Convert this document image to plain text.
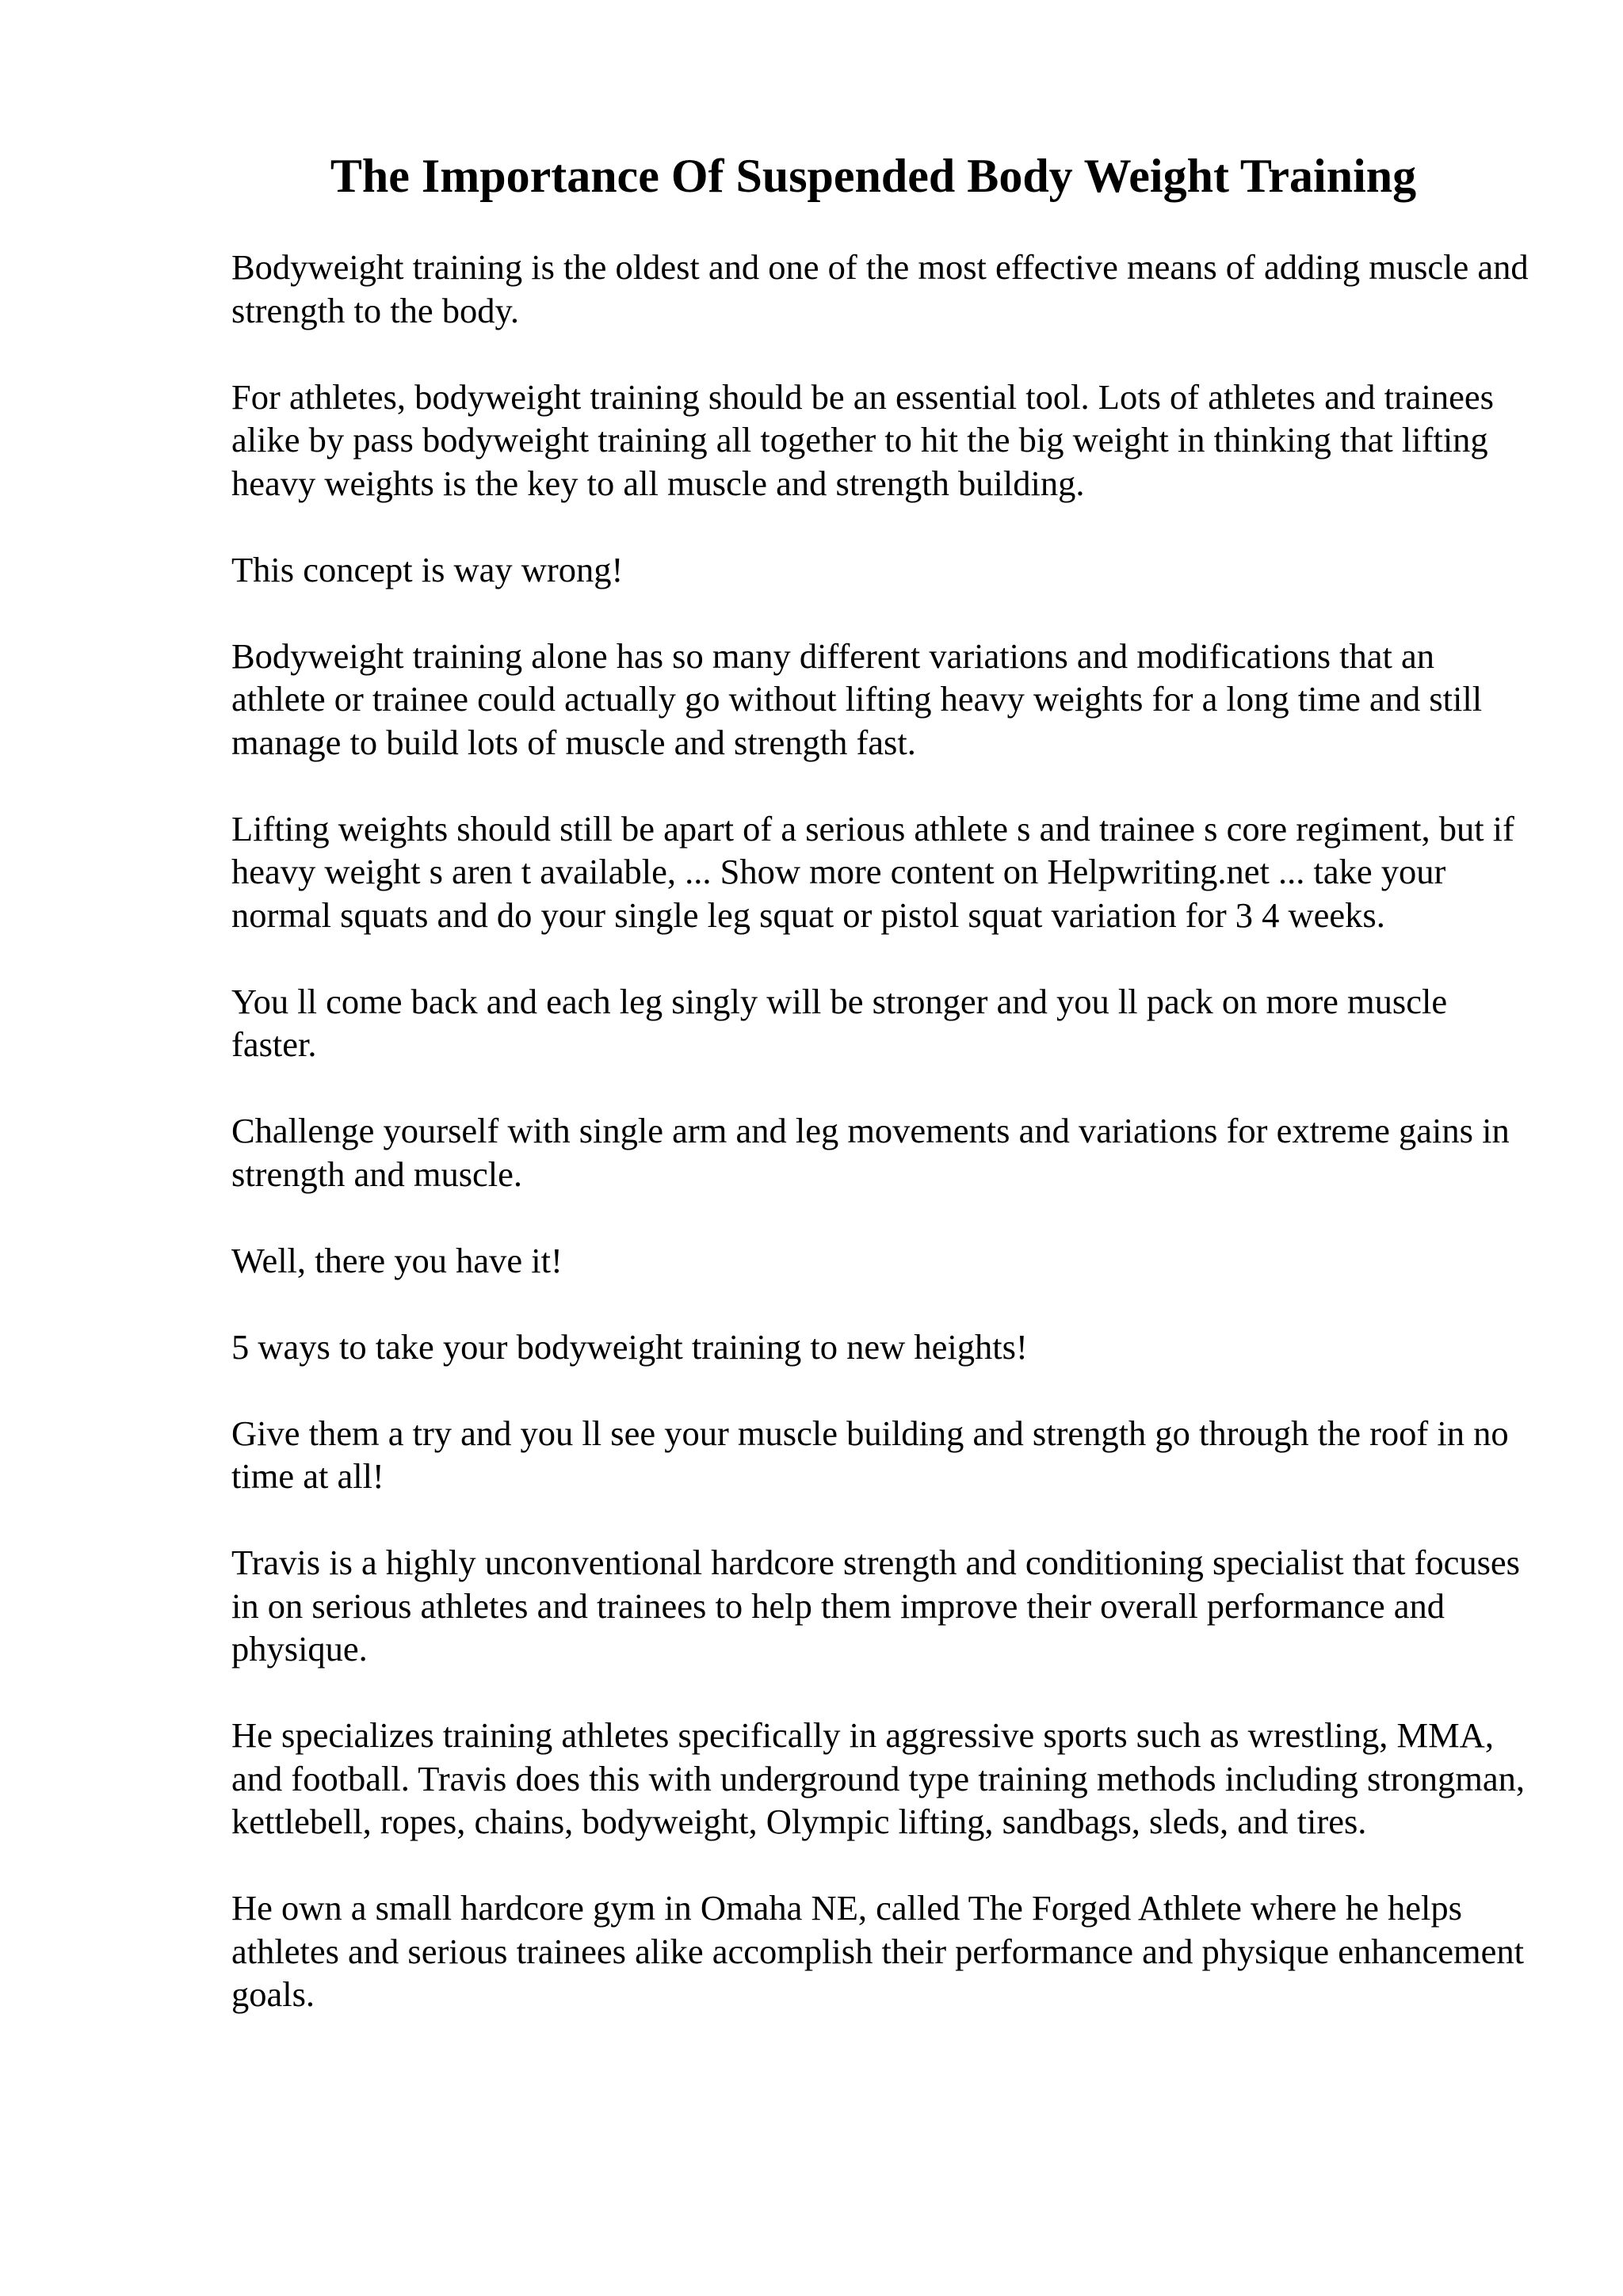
The Importance Of Suspended Body Weight Training

Bodyweight training is the oldest and one of the most effective means of adding muscle and strength to the body.

For athletes, bodyweight training should be an essential tool. Lots of athletes and trainees alike by pass bodyweight training all together to hit the big weight in thinking that lifting heavy weights is the key to all muscle and strength building.

This concept is way wrong!

Bodyweight training alone has so many different variations and modifications that an athlete or trainee could actually go without lifting heavy weights for a long time and still manage to build lots of muscle and strength fast.

Lifting weights should still be apart of a serious athlete s and trainee s core regiment, but if heavy weight s aren t available, ... Show more content on Helpwriting.net ... take your normal squats and do your single leg squat or pistol squat variation for 3 4 weeks.

You ll come back and each leg singly will be stronger and you ll pack on more muscle faster.

Challenge yourself with single arm and leg movements and variations for extreme gains in strength and muscle.

Well, there you have it!

5 ways to take your bodyweight training to new heights!

Give them a try and you ll see your muscle building and strength go through the roof in no time at all!

Travis is a highly unconventional hardcore strength and conditioning specialist that focuses in on serious athletes and trainees to help them improve their overall performance and physique.

He specializes training athletes specifically in aggressive sports such as wrestling, MMA, and football. Travis does this with underground type training methods including strongman, kettlebell, ropes, chains, bodyweight, Olympic lifting, sandbags, sleds, and tires.

He own a small hardcore gym in Omaha NE, called The Forged Athlete where he helps athletes and serious trainees alike accomplish their performance and physique enhancement goals.
